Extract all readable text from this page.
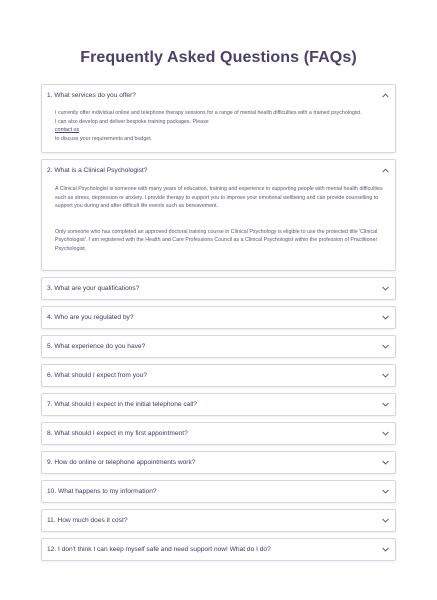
Frequently Asked Questions (FAQs)
1. What services do you offer?

I currently offer individual online and telephone therapy sessions for a range of mental health difficulties with a trained psychologist.

I can also develop and deliver bespoke training packages. Please

contact us

to discuss your requirements and budget.

2. What is a Clinical Psychologist?

A Clinical Psychologist is someone with many years of education, training and experience in supporting people with mental health difficulties such as stress, depression or anxiety. I provide therapy to support you to improve your emotional wellbeing and can provide counselling to support you during and after difficult life events such as bereavement.

Only someone who has completed an approved doctoral training course in Clinical Psychology is eligible to use the protected title 'Clinical Psychologist'. I am registered with the Health and Care Professions Council as a Clinical Psychologist within the profession of Practitioner Psychologist.

3. What are your qualifications?
4. Who are you regulated by?
5. What experience do you have?
6. What should I expect from you?
7. What should I expect in the initial telephone call?
8. What should I expect in my first appointment?
9. How do online or telephone appointments work?
10. What happens to my information?
11. How much does it cost?
12. I don't think I can keep myself safe and need support now! What do I do?
